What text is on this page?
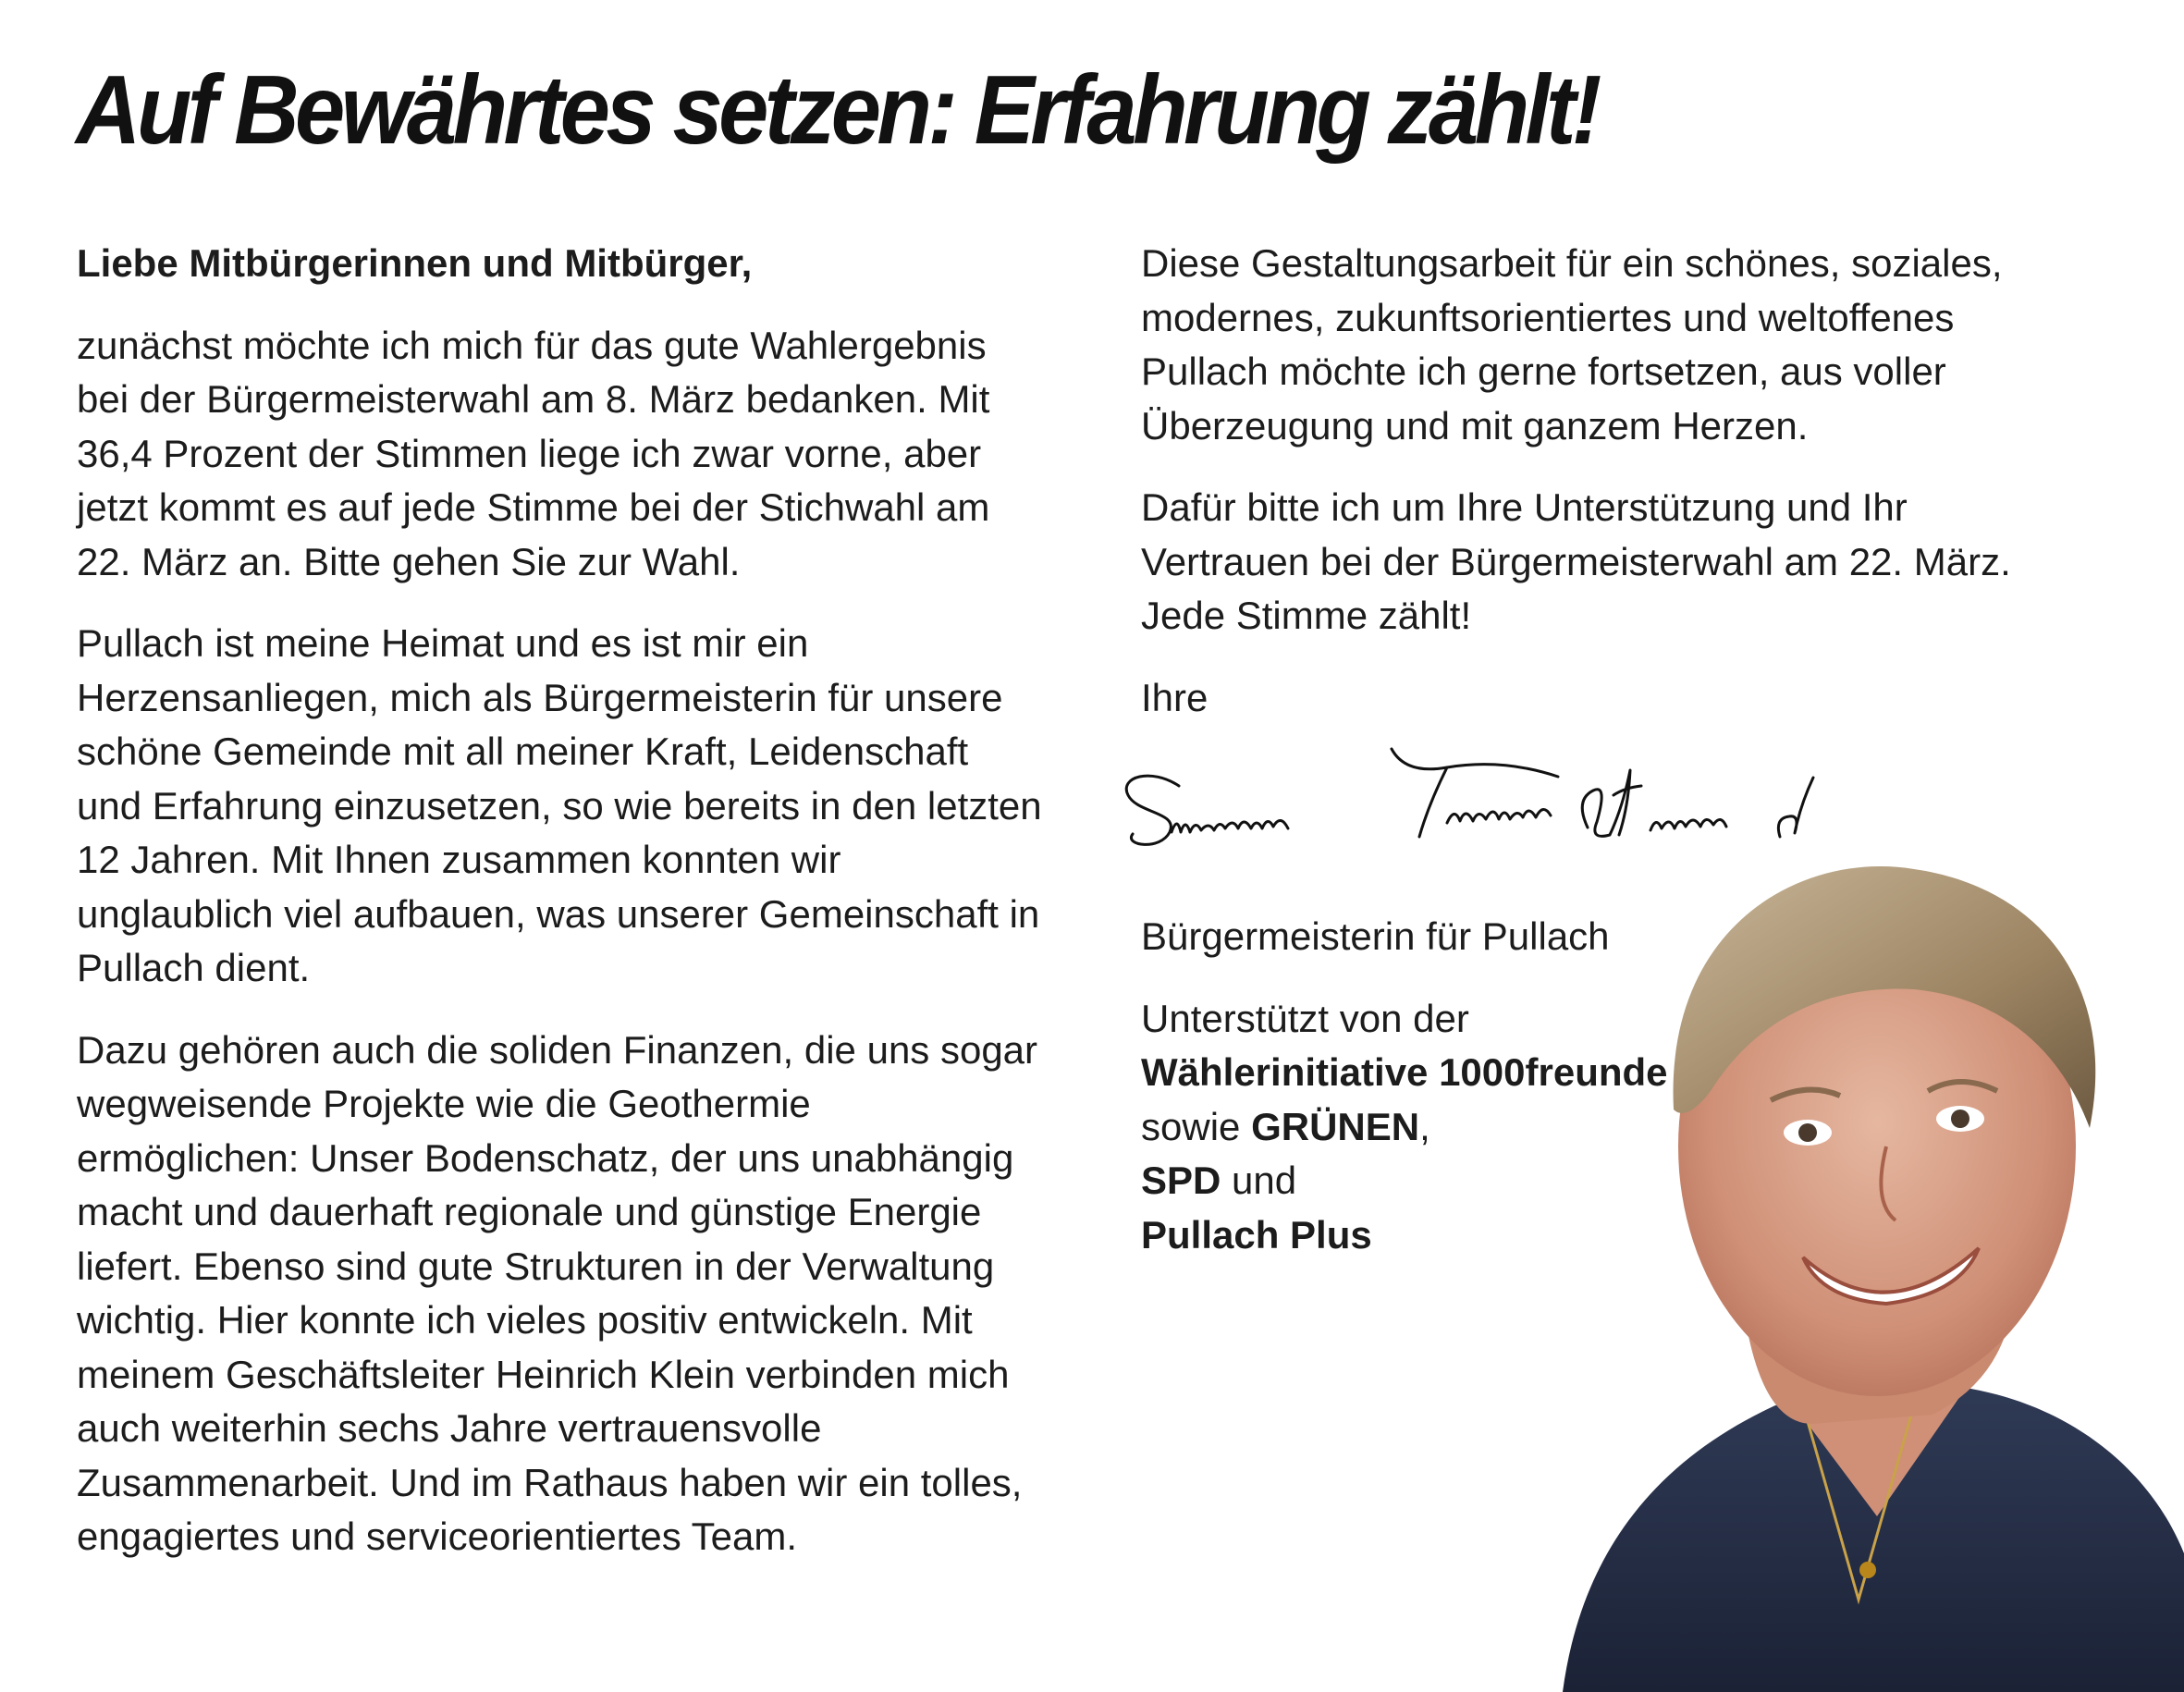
Auf Bewährtes setzen: Erfahrung zählt!

Liebe Mitbürgerinnen und Mitbürger,

zunächst möchte ich mich für das gute Wahlergebnis bei der Bürgermeisterwahl am 8. März bedanken. Mit 36,4 Prozent der Stimmen liege ich zwar vorne, aber jetzt kommt es auf jede Stimme bei der Stichwahl am 22. März an. Bitte gehen Sie zur Wahl.

Pullach ist meine Heimat und es ist mir ein Herzensanliegen, mich als Bürgermeisterin für unsere schöne Gemeinde mit all meiner Kraft, Leidenschaft und Erfahrung einzusetzen, so wie bereits in den letzten 12 Jahren. Mit Ihnen zusammen konnten wir unglaublich viel aufbauen, was unserer Gemeinschaft in Pullach dient.

Dazu gehören auch die soliden Finanzen, die uns sogar wegweisende Projekte wie die Geothermie ermöglichen: Unser Bodenschatz, der uns unabhängig macht und dauerhaft regionale und günstige Energie liefert. Ebenso sind gute Strukturen in der Verwaltung wichtig. Hier konnte ich vieles positiv entwickeln. Mit meinem Geschäftsleiter Heinrich Klein verbinden mich auch weiterhin sechs Jahre vertrauensvolle Zusammenarbeit. Und im Rathaus haben wir ein tolles, engagiertes und serviceorientiertes Team.

Diese Gestaltungsarbeit für ein schönes, soziales, modernes, zukunftsorientiertes und weltoffenes Pullach möchte ich gerne fortsetzen, aus voller Überzeugung und mit ganzem Herzen.

Dafür bitte ich um Ihre Unterstützung und Ihr Vertrauen bei der Bürgermeisterwahl am 22. März. Jede Stimme zählt!

Ihre

Bürgermeisterin für Pullach

Unterstützt von der
Wählerinitiative 1000freunde
sowie GRÜNEN,
SPD und
Pullach Plus
